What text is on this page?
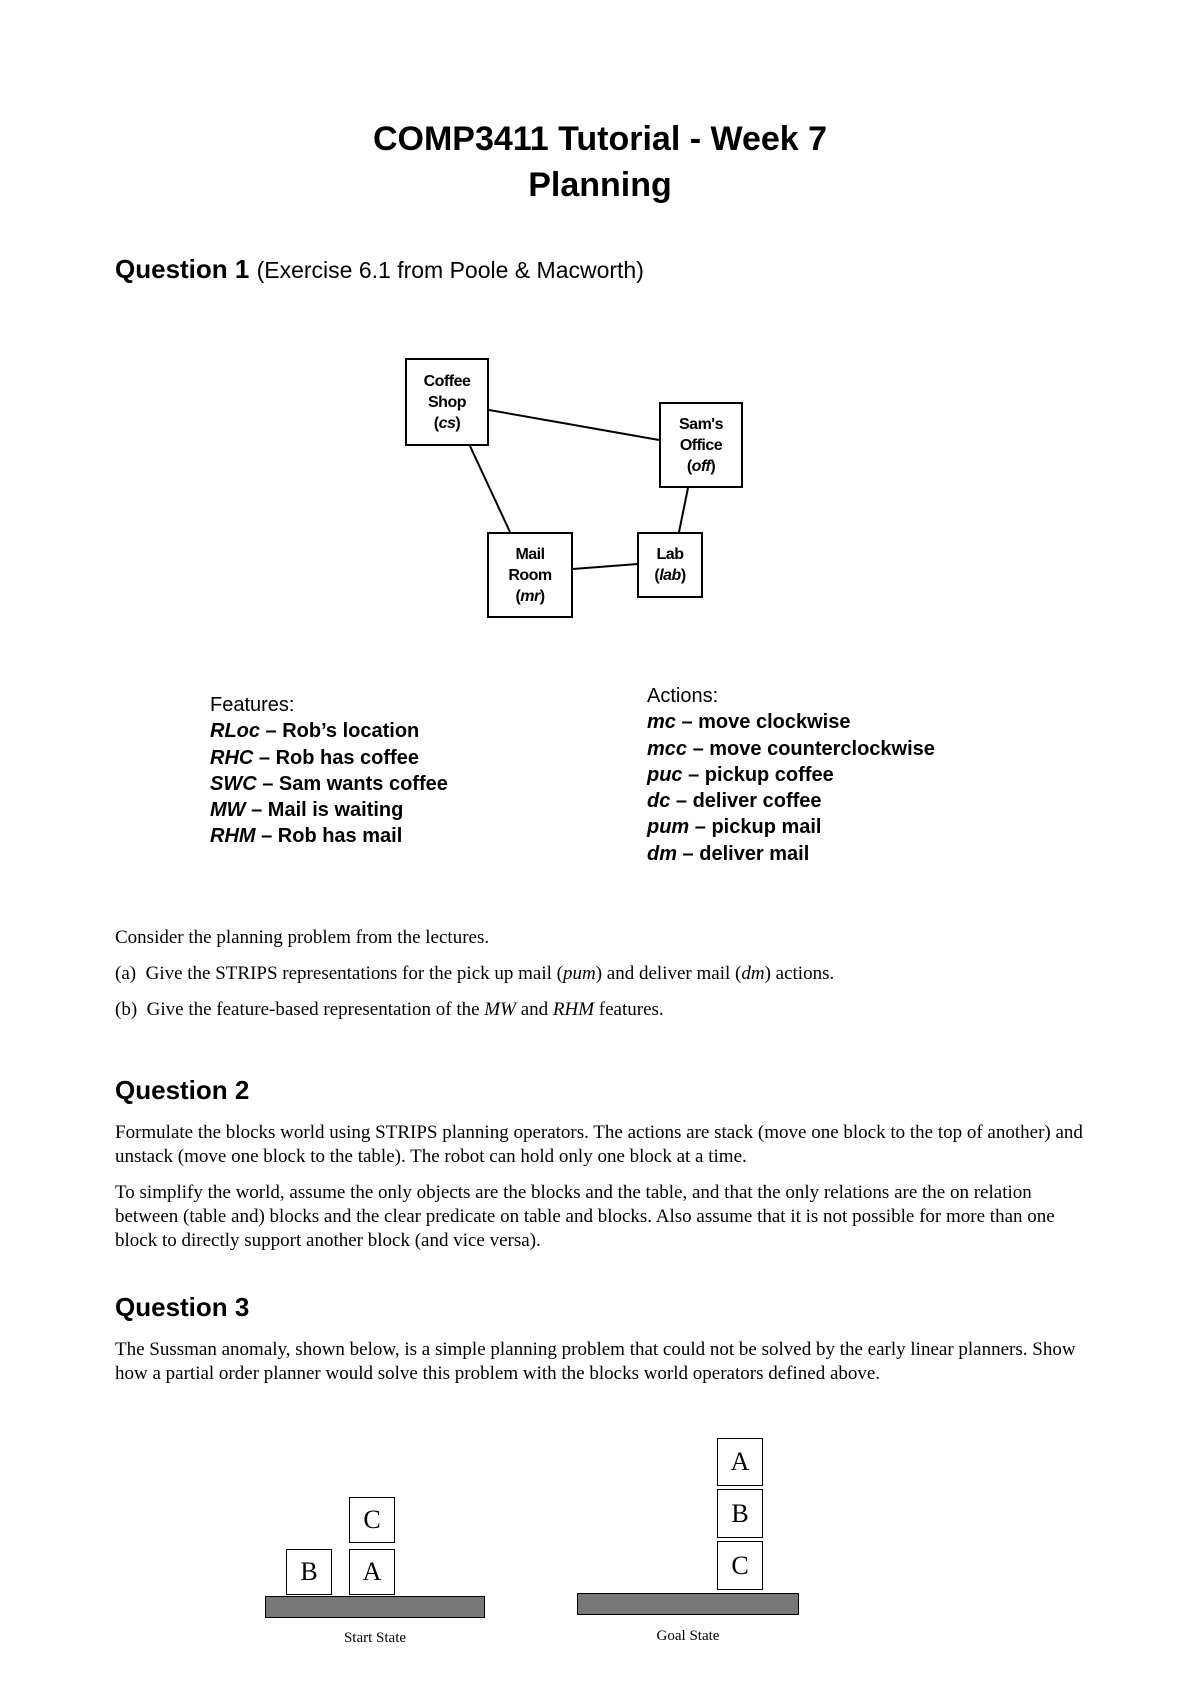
COMP3411 Tutorial - Week 7
Planning
Question 1 (Exercise 6.1 from Poole & Macworth)
Coffee
Shop
(cs)	Sam's
Office
(off)
Mail
Room
(mr)
Lab
(lab)
Features:
RLoc – Rob’s location
RHC – Rob has coffee
SWC – Sam wants coffee
MW – Mail is waiting
RHM – Rob has mail
Actions:
mc – move clockwise
mcc – move counterclockwise
puc – pickup coffee
dc – deliver coffee
pum – pickup mail
dm – deliver mail
Consider the planning problem from the lectures.
(a) Give the STRIPS representations for the pick up mail (pum) and deliver mail (dm) actions.
(b) Give the feature-based representation of the MW and RHM features.
Question 2
Formulate the blocks world using STRIPS planning operators. The actions are stack (move one block to the top of another) and unstack (move one block to the table). The robot can hold only one block at a time.
To simplify the world, assume the only objects are the blocks and the table, and that the only relations are the on relation between (table and) blocks and the clear predicate on table and blocks. Also assume that it is not possible for more than one block to directly support another block (and vice versa).
Question 3
The Sussman anomaly, shown below, is a simple planning problem that could not be solved by the early linear planners. Show how a partial order planner would solve this problem with the blocks world operators defined above.
B
C
A
Start State
A
B
C
Goal State
